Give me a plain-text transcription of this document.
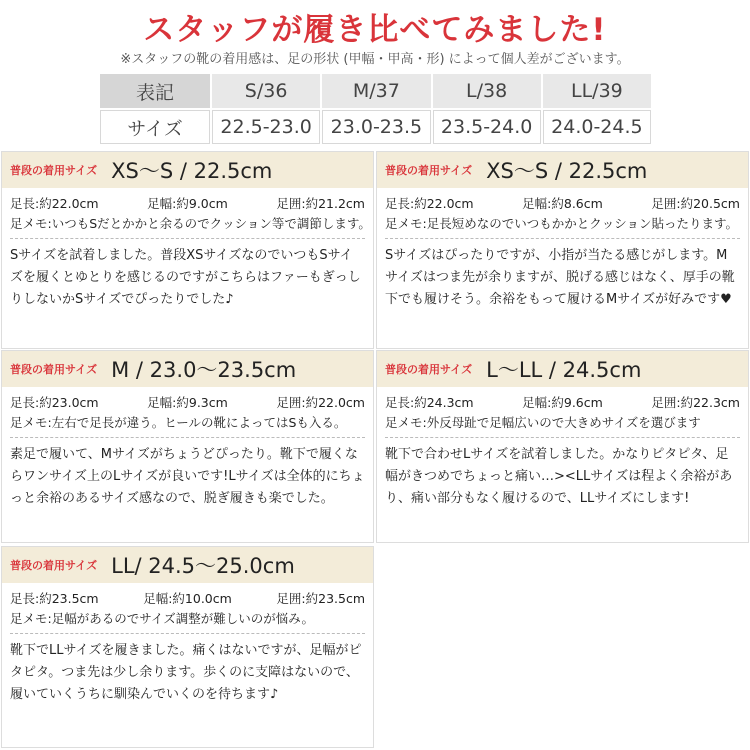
スタッフが履き比べてみました!
※スタッフの靴の着用感は、足の形状 (甲幅・甲高・形) によって個人差がございます。
表記	S/36	M/37	L/38	LL/39
サイズ	22.5-23.0	23.0-23.5	23.5-24.0	24.0-24.5
普段の着用サイズ XS〜S / 22.5cm
足長:約22.0cm	足幅:約9.0cm	足囲:約21.2cm
足メモ:いつもSだとかかと余るのでクッション等で調節します。
Sサイズを試着しました。普段XSサイズなのでいつもSサイズを履くとゆとりを感じるのですがこちらはファーもぎっしりしないかSサイズでぴったりでした♪
普段の着用サイズ XS〜S / 22.5cm
足長:約22.0cm	足幅:約8.6cm	足囲:約20.5cm
足メモ:足長短めなのでいつもかかとクッション貼ったります。
Sサイズはぴったりですが、小指が当たる感じがします。Mサイズはつま先が余りますが、脱げる感じはなく、厚手の靴下でも履けそう。余裕をもって履けるMサイズが好みです♥
普段の着用サイズ M / 23.0〜23.5cm
足長:約23.0cm	足幅:約9.3cm	足囲:約22.0cm
足メモ:左右で足長が違う。ヒールの靴によってはSも入る。
素足で履いて、Mサイズがちょうどぴったり。靴下で履くならワンサイズ上のLサイズが良いです!Lサイズは全体的にちょっと余裕のあるサイズ感なので、脱ぎ履きも楽でした。
普段の着用サイズ L〜LL / 24.5cm
足長:約24.3cm	足幅:約9.6cm	足囲:約22.3cm
足メモ:外反母趾で足幅広いので大きめサイズを選びます
靴下で合わせLサイズを試着しました。かなりピタピタ、足幅がきつめでちょっと痛い…><LLサイズは程よく余裕があり、痛い部分もなく履けるので、LLサイズにします!
普段の着用サイズ LL/ 24.5〜25.0cm
足長:約23.5cm	足幅:約10.0cm	足囲:約23.5cm
足メモ:足幅があるのでサイズ調整が難しいのが悩み。
靴下でLLサイズを履きました。痛くはないですが、足幅がピタピタ。つま先は少し余ります。歩くのに支障はないので、履いていくうちに馴染んでいくのを待ちます♪
